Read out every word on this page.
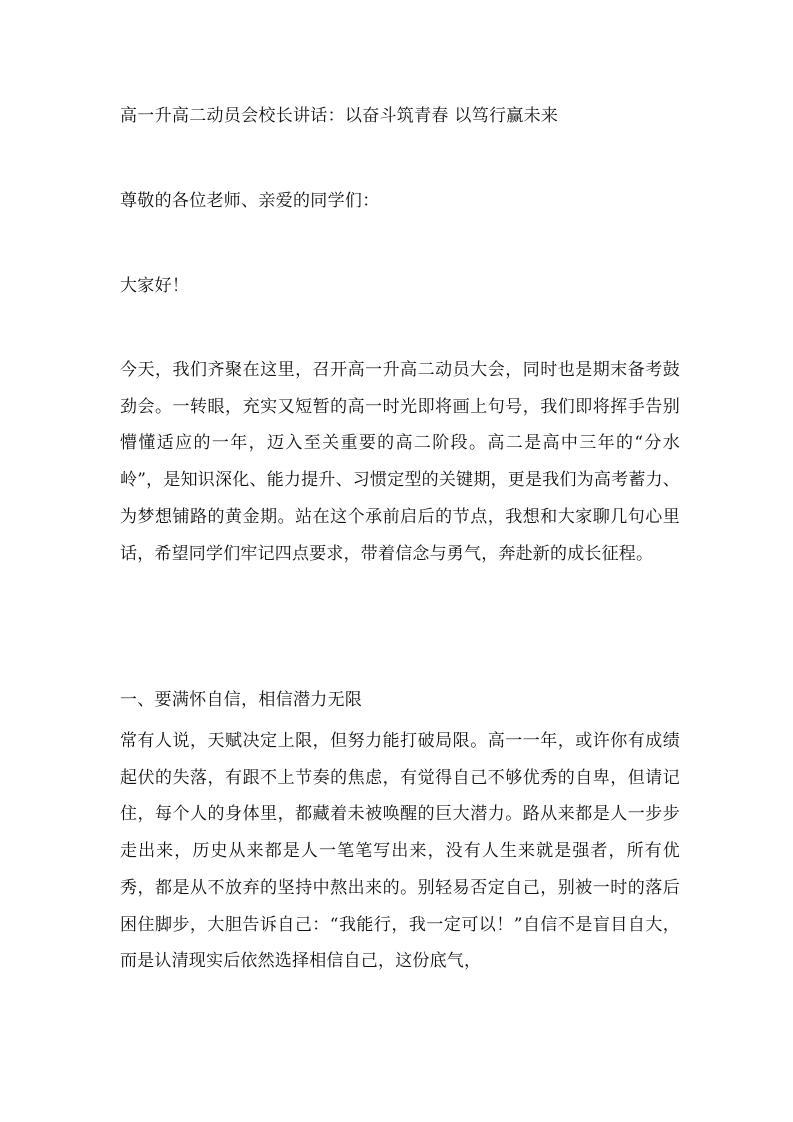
高一升高二动员会校长讲话：以奋斗筑青春 以笃行赢未来
尊敬的各位老师、亲爱的同学们：
大家好！
今天，我们齐聚在这里，召开高一升高二动员大会，同时也是期末备考鼓劲会。一转眼，充实又短暂的高一时光即将画上句号，我们即将挥手告别懵懂适应的一年，迈入至关重要的高二阶段。高二是高中三年的“分水岭”，是知识深化、能力提升、习惯定型的关键期，更是我们为高考蓄力、为梦想铺路的黄金期。站在这个承前启后的节点，我想和大家聊几句心里话，希望同学们牢记四点要求，带着信念与勇气，奔赴新的成长征程。
一、要满怀自信，相信潜力无限
常有人说，天赋决定上限，但努力能打破局限。高一一年，或许你有成绩起伏的失落，有跟不上节奏的焦虑，有觉得自己不够优秀的自卑，但请记住，每个人的身体里，都藏着未被唤醒的巨大潜力。路从来都是人一步步走出来，历史从来都是人一笔笔写出来，没有人生来就是强者，所有优秀，都是从不放弃的坚持中熬出来的。别轻易否定自己，别被一时的落后困住脚步，大胆告诉自己：“我能行，我一定可以！”自信不是盲目自大，而是认清现实后依然选择相信自己，这份底气，
